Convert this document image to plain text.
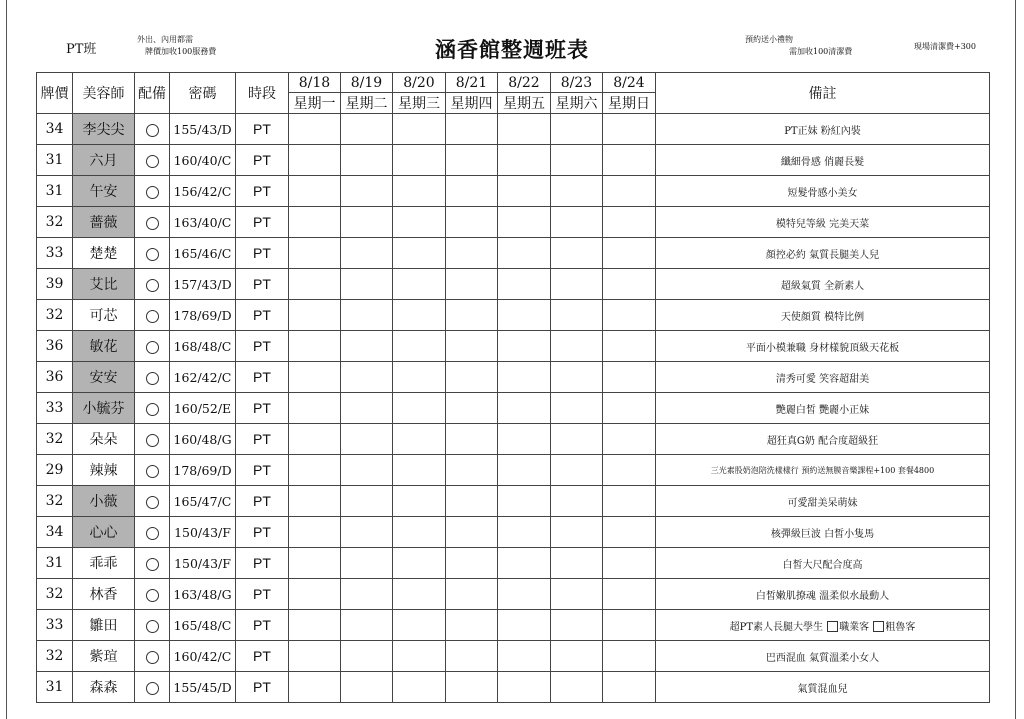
PT班
外出、內用都需
牌價加收100服務費	涵香館整週班表	預約送小禮物
需加收100清潔費
現場清潔費+300
牌價	美容師	配備	密碼	時段	8/18	8/19	8/20	8/21	8/22	8/23	8/24	備註
					星期一	星期二	星期三	星期四	星期五	星期六	星期日	
34	李尖尖		155/43/D	PT								PT正妹 粉紅內裝
31	六月		160/40/C	PT								纖細骨感 俏麗長髮
31	午安		156/42/C	PT								短髮骨感小美女
32	薔薇		163/40/C	PT								模特兒等級 完美天菜
33	楚楚		165/46/C	PT								顏控必約 氣質長腿美人兒
39	艾比		157/43/D	PT								超級氣質 全新素人
32	可芯		178/69/D	PT								天使顏質 模特比例
36	敏花		168/48/C	PT								平面小模兼職 身材樣貌頂級天花板
36	安安		162/42/C	PT								清秀可愛 笑容超甜美
33	小毓芬		160/52/E	PT								艷麗白皙 艷麗小正妹
32	朵朵		160/48/G	PT								超狂真G奶 配合度超級狂
29	辣辣		178/69/D	PT								三光素股奶泡陪洗樣樣行 預約送無膜音樂課程+100 套餐4800
32	小薇		165/47/C	PT								可愛甜美呆萌妹
34	心心		150/43/F	PT								核彈級巨波 白皙小隻馬
31	乖乖		150/43/F	PT								白皙大尺配合度高
32	林香		163/48/G	PT								白皙嫩肌撩魂 溫柔似水最動人
33	雛田		165/48/C	PT								超PT素人長腿大學生 職業客 粗魯客
32	紫瑄		160/42/C	PT								巴西混血 氣質溫柔小女人
31	森森		155/45/D	PT								氣質混血兒
